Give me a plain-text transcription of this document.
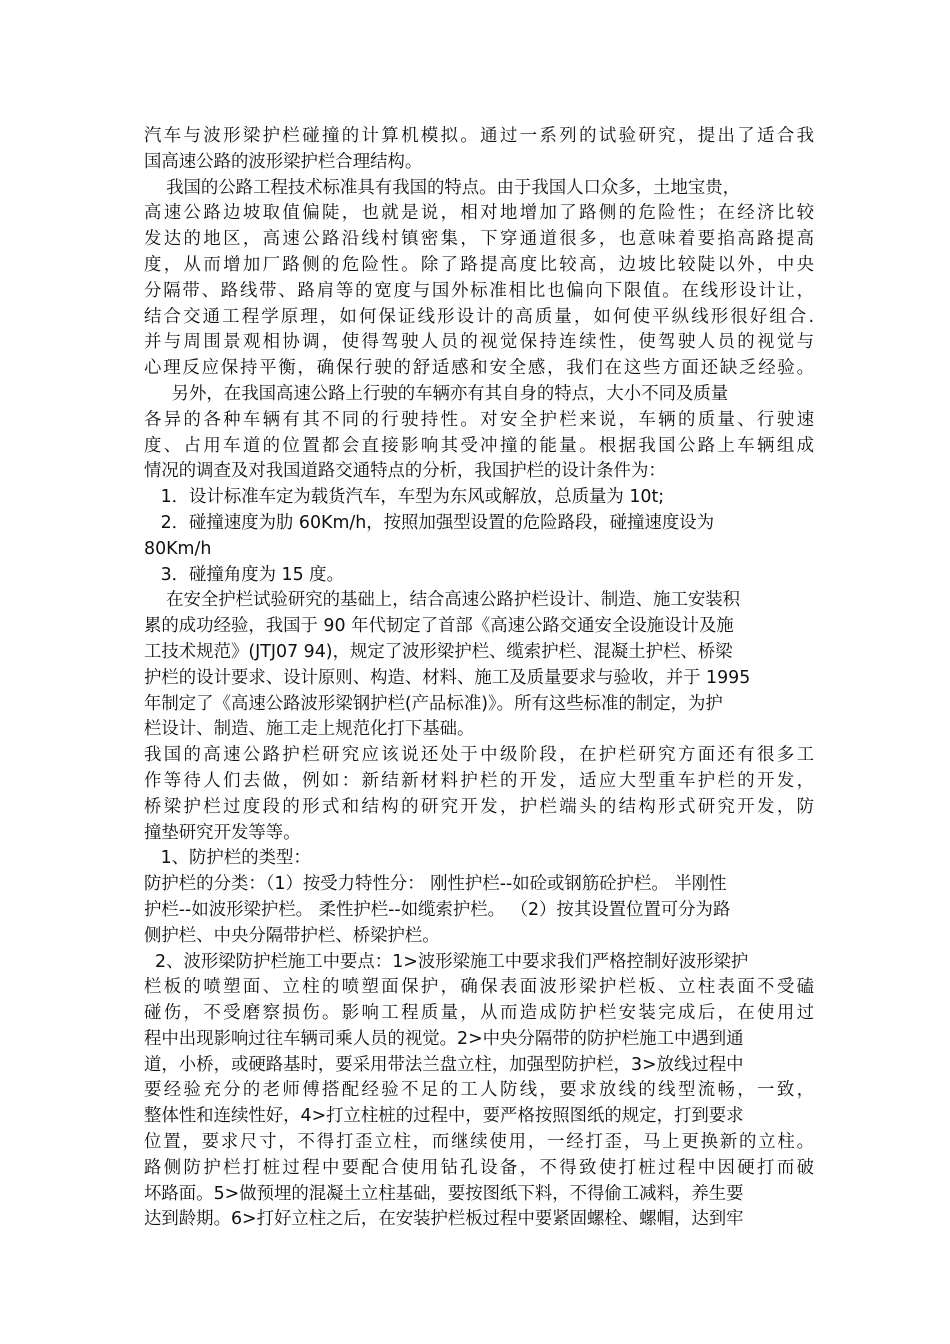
汽车与波形梁护栏碰撞的计算机模拟。通过一系列的试验研究，提出了适合我
国高速公路的波形梁护栏合理结构。
我国的公路工程技术标准具有我国的特点。由于我国人口众多，土地宝贵，
高速公路边坡取值偏陡，也就是说，相对地增加了路侧的危险性；在经济比较
发达的地区，高速公路沿线村镇密集，下穿通道很多，也意味着要掐高路提高
度，从而增加厂路侧的危险性。除了路提高度比较高，边坡比较陡以外，中央
分隔带、路线带、路肩等的宽度与国外标准相比也偏向下限值。在线形设计让，
结合交通工程学原理，如何保证线形设计的高质量，如何使平纵线形很好组合.
并与周围景观相协调，使得驾驶人员的视觉保持连续性，使驾驶人员的视觉与
心理反应保持平衡，确保行驶的舒适感和安全感，我们在这些方面还缺乏经验。
另外，在我国高速公路上行驶的车辆亦有其自身的特点，大小不同及质量
各异的各种车辆有其不同的行驶持性。对安全护栏来说，车辆的质量、行驶速
度、占用车道的位置都会直接影响其受冲撞的能量。根据我国公路上车辆组成
情况的调查及对我国道路交通特点的分析，我国护栏的设计条件为：
1．设计标准车定为载货汽车，车型为东风或解放，总质量为 10t;
2．碰撞速度为肋 60Km/h，按照加强型设置的危险路段，碰撞速度设为
80Km/h
3．碰撞角度为 15 度。
在安全护栏试验研究的基础上，结合高速公路护栏设计、制造、施工安装积
累的成功经验，我国于 90 年代韧定了首部《高速公路交通安全设施设计及施
工技术规范》(JTJ07 94)，规定了波形梁护栏、缆索护栏、混凝土护栏、桥梁
护栏的设计要求、设计原则、构造、材料、施工及质量要求与验收，并于 1995
年制定了《高速公路波形梁钢护栏(产品标准)》。所有这些标准的制定，为护
栏设计、制造、施工走上规范化打下基础。
我国的高速公路护栏研究应该说还处于中级阶段，在护栏研究方面还有很多工
作等待人们去做，例如：新结新材料护栏的开发，适应大型重车护栏的开发，
桥梁护栏过度段的形式和结构的研究开发，护栏端头的结构形式研究开发，防
撞垫研究开发等等。
1、防护栏的类型：
防护栏的分类：（1）按受力特性分： 刚性护栏--如砼或钢筋砼护栏。 半刚性
护栏--如波形梁护栏。 柔性护栏--如缆索护栏。 （2）按其设置位置可分为路
侧护栏、中央分隔带护栏、桥梁护栏。
2、波形梁防护栏施工中要点：1>波形梁施工中要求我们严格控制好波形梁护
栏板的喷塑面、立柱的喷塑面保护，确保表面波形梁护栏板、立柱表面不受磕
碰伤，不受磨察损伤。影响工程质量，从而造成防护栏安装完成后，在使用过
程中出现影响过往车辆司乘人员的视觉。2>中央分隔带的防护栏施工中遇到通
道，小桥，或硬路基时，要采用带法兰盘立柱，加强型防护栏，3>放线过程中
要经验充分的老师傅搭配经验不足的工人防线，要求放线的线型流畅，一致，
整体性和连续性好，4>打立柱桩的过程中，要严格按照图纸的规定，打到要求
位置，要求尺寸，不得打歪立柱，而继续使用，一经打歪，马上更换新的立柱。
路侧防护栏打桩过程中要配合使用钻孔设备，不得致使打桩过程中因硬打而破
坏路面。5>做预埋的混凝土立柱基础，要按图纸下料，不得偷工减料，养生要
达到龄期。6>打好立柱之后，在安装护栏板过程中要紧固螺栓、螺帽，达到牢
